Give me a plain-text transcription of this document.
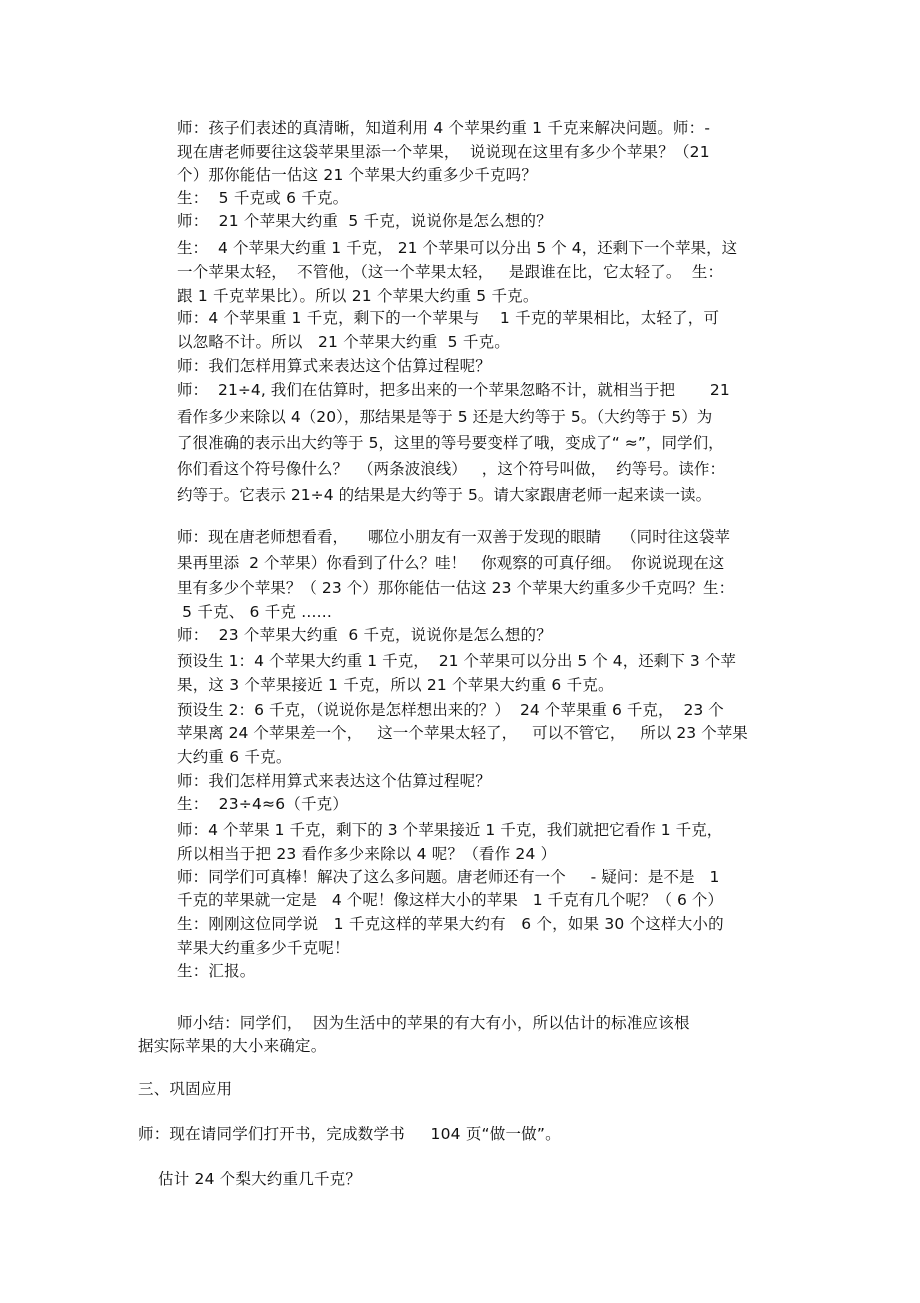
师：孩子们表述的真清晰，知道利用 4 个苹果约重 1 千克来解决问题。师：-

现在唐老师要往这袋苹果里添一个苹果，  说说现在这里有多少个苹果？（21

个）那你能估一估这 21 个苹果大约重多少千克吗？

生：  5 千克或 6 千克。

师：  21 个苹果大约重  5 千克，说说你是怎么想的？

生：  4 个苹果大约重 1 千克， 21 个苹果可以分出 5 个 4，还剩下一个苹果，这

一个苹果太轻，  不管他，（这一个苹果太轻，   是跟谁在比，它太轻了。  生：

跟 1 千克苹果比）。所以 21 个苹果大约重 5 千克。

师：4 个苹果重 1 千克，剩下的一个苹果与    1 千克的苹果相比，太轻了，可

以忽略不计。所以   21 个苹果大约重  5 千克。

师：我们怎样用算式来表达这个估算过程呢？

师：  21÷4, 我们在估算时，把多出来的一个苹果忽略不计，就相当于把       21

看作多少来除以 4（20），那结果是等于 5 还是大约等于 5。（大约等于 5）为

了很准确的表示出大约等于 5，这里的等号要变样了哦，变成了“ ≈”，同学们，

你们看这个符号像什么？  （两条波浪线）   ，这个符号叫做，  约等号。读作：

约等于。它表示 21÷4 的结果是大约等于 5。请大家跟唐老师一起来读一读。

师：现在唐老师想看看，    哪位小朋友有一双善于发现的眼睛    （同时往这袋苹

果再里添  2 个苹果）你看到了什么？哇！   你观察的可真仔细。  你说说现在这

里有多少个苹果？（ 23 个）那你能估一估这 23 个苹果大约重多少千克吗？生：

5 千克、 6 千克 ......

师：  23 个苹果大约重  6 千克，说说你是怎么想的？

预设生 1：4 个苹果大约重 1 千克，  21 个苹果可以分出 5 个 4，还剩下 3 个苹

果，这 3 个苹果接近 1 千克，所以 21 个苹果大约重 6 千克。

预设生 2：6 千克，（说说你是怎样想出来的？）  24 个苹果重 6 千克，  23 个

苹果离 24 个苹果差一个，   这一个苹果太轻了，   可以不管它，   所以 23 个苹果

大约重 6 千克。

师：我们怎样用算式来表达这个估算过程呢？

生：  23÷4≈6（千克）

师：4 个苹果 1 千克，剩下的 3 个苹果接近 1 千克，我们就把它看作 1 千克，

所以相当于把 23 看作多少来除以 4 呢？（看作 24 ）

师：同学们可真棒！解决了这么多问题。唐老师还有一个     - 疑问：是不是   1

千克的苹果就一定是   4 个呢！像这样大小的苹果   1 千克有几个呢？（ 6 个）

生：刚刚这位同学说   1 千克这样的苹果大约有   6 个，如果 30 个这样大小的

苹果大约重多少千克呢！

生：汇报。

师小结：同学们，  因为生活中的苹果的有大有小，所以估计的标准应该根

据实际苹果的大小来确定。

三、巩固应用

师：现在请同学们打开书，完成数学书     104 页“做一做”。

估计 24 个梨大约重几千克？
